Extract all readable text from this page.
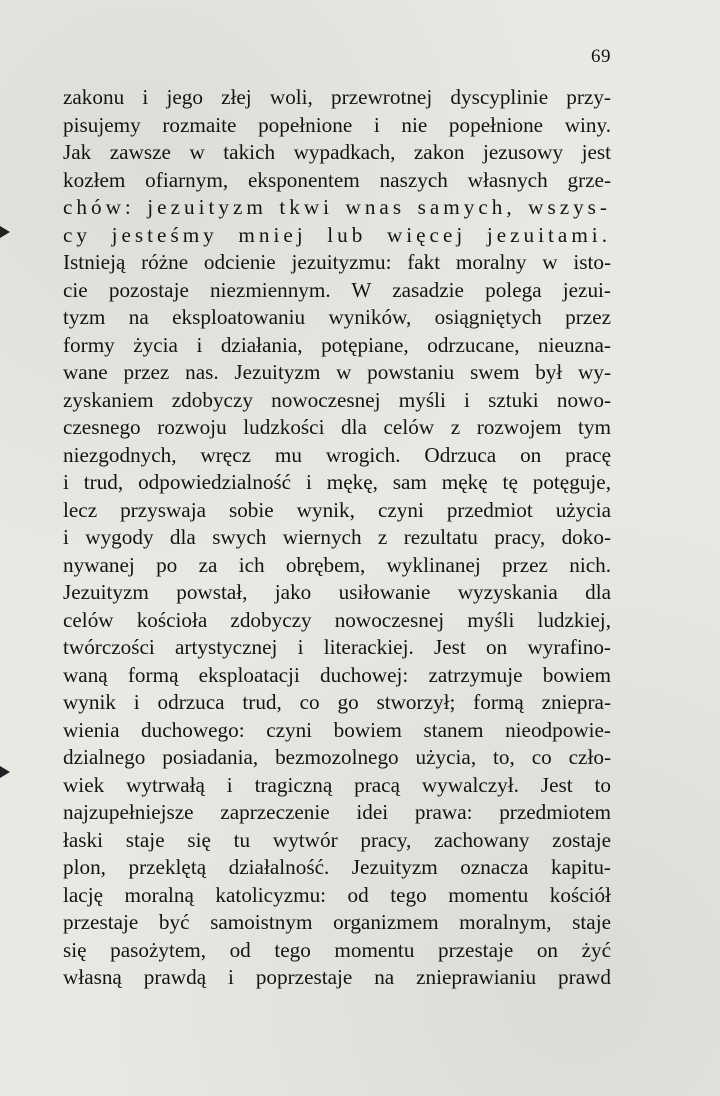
69
zakonu i jego złej woli, przewrotnej dyscyplinie przy-
pisujemy rozmaite popełnione i nie popełnione winy.
Jak zawsze w takich wypadkach, zakon jezusowy jest
kozłem ofiarnym, eksponentem naszych własnych grze-
chów: jezuityzm tkwi wnas samych, wszys-
cy jesteśmy mniej lub więcej jezuitami.
Istnieją różne odcienie jezuityzmu: fakt moralny w isto-
cie pozostaje niezmiennym. W zasadzie polega jezui-
tyzm na eksploatowaniu wyników, osiągniętych przez
formy życia i działania, potępiane, odrzucane, nieuzna-
wane przez nas. Jezuityzm w powstaniu swem był wy-
zyskaniem zdobyczy nowoczesnej myśli i sztuki nowo-
czesnego rozwoju ludzkości dla celów z rozwojem tym
niezgodnych, wręcz mu wrogich. Odrzuca on pracę
i trud, odpowiedzialność i mękę, sam mękę tę potęguje,
lecz przyswaja sobie wynik, czyni przedmiot użycia
i wygody dla swych wiernych z rezultatu pracy, doko-
nywanej po za ich obrębem, wyklinanej przez nich.
Jezuityzm powstał, jako usiłowanie wyzyskania dla
celów kościoła zdobyczy nowoczesnej myśli ludzkiej,
twórczości artystycznej i literackiej. Jest on wyrafino-
waną formą eksploatacji duchowej: zatrzymuje bowiem
wynik i odrzuca trud, co go stworzył; formą zniepra-
wienia duchowego: czyni bowiem stanem nieodpowie-
dzialnego posiadania, bezmozolnego użycia, to, co czło-
wiek wytrwałą i tragiczną pracą wywalczył. Jest to
najzupełniejsze zaprzeczenie idei prawa: przedmiotem
łaski staje się tu wytwór pracy, zachowany zostaje
plon, przeklętą działalność. Jezuityzm oznacza kapitu-
lację moralną katolicyzmu: od tego momentu kościół
przestaje być samoistnym organizmem moralnym, staje
się pasożytem, od tego momentu przestaje on żyć
własną prawdą i poprzestaje na znieprawianiu prawd
